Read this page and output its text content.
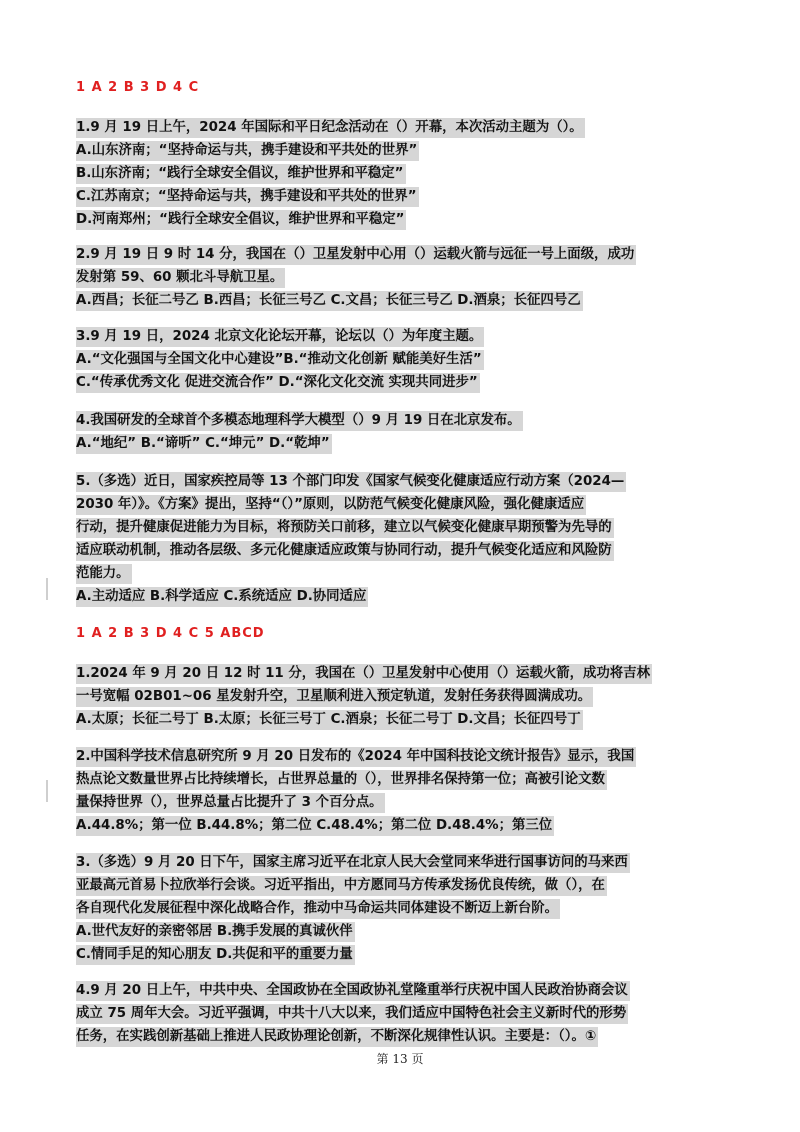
1 A 2 B 3 D 4 C
1.9 月 19 日上午，2024 年国际和平日纪念活动在（）开幕，本次活动主题为（）。
A.山东济南；“坚持命运与共，携手建设和平共处的世界”
B.山东济南；“践行全球安全倡议，维护世界和平稳定”
C.江苏南京；“坚持命运与共，携手建设和平共处的世界”
D.河南郑州；“践行全球安全倡议，维护世界和平稳定”
2.9 月 19 日 9 时 14 分，我国在（）卫星发射中心用（）运载火箭与远征一号上面级，成功
发射第 59、60 颗北斗导航卫星。
A.西昌；长征二号乙 B.西昌；长征三号乙 C.文昌；长征三号乙 D.酒泉；长征四号乙
3.9 月 19 日，2024 北京文化论坛开幕，论坛以（）为年度主题。
A.“文化强国与全国文化中心建设”B.“推动文化创新 赋能美好生活”
C.“传承优秀文化 促进交流合作” D.“深化文化交流 实现共同进步”
4.我国研发的全球首个多模态地理科学大模型（）9 月 19 日在北京发布。
A.“地纪” B.“谛听” C.“坤元” D.“乾坤”
5.（多选）近日，国家疾控局等 13 个部门印发《国家气候变化健康适应行动方案（2024—
2030 年）》。《方案》提出，坚持“（）”原则，以防范气候变化健康风险，强化健康适应
行动，提升健康促进能力为目标，将预防关口前移，建立以气候变化健康早期预警为先导的
适应联动机制，推动各层级、多元化健康适应政策与协同行动，提升气候变化适应和风险防
范能力。
A.主动适应 B.科学适应 C.系统适应 D.协同适应
1 A 2 B 3 D 4 C 5 ABCD
1.2024 年 9 月 20 日 12 时 11 分，我国在（）卫星发射中心使用（）运载火箭，成功将吉林
一号宽幅 02B01~06 星发射升空，卫星顺利进入预定轨道，发射任务获得圆满成功。
A.太原；长征二号丁 B.太原；长征三号丁 C.酒泉；长征二号丁 D.文昌；长征四号丁
2.中国科学技术信息研究所 9 月 20 日发布的《2024 年中国科技论文统计报告》显示，我国
热点论文数量世界占比持续增长，占世界总量的（），世界排名保持第一位；高被引论文数
量保持世界（），世界总量占比提升了 3 个百分点。
A.44.8%；第一位 B.44.8%；第二位 C.48.4%；第二位 D.48.4%；第三位
3.（多选）9 月 20 日下午，国家主席习近平在北京人民大会堂同来华进行国事访问的马来西
亚最高元首易卜拉欣举行会谈。习近平指出，中方愿同马方传承发扬优良传统，做（），在
各自现代化发展征程中深化战略合作，推动中马命运共同体建设不断迈上新台阶。
A.世代友好的亲密邻居 B.携手发展的真诚伙伴
C.情同手足的知心朋友 D.共促和平的重要力量
4.9 月 20 日上午，中共中央、全国政协在全国政协礼堂隆重举行庆祝中国人民政治协商会议
成立 75 周年大会。习近平强调，中共十八大以来，我们适应中国特色社会主义新时代的形势
任务，在实践创新基础上推进人民政协理论创新，不断深化规律性认识。主要是：（）。①
第 13 页
